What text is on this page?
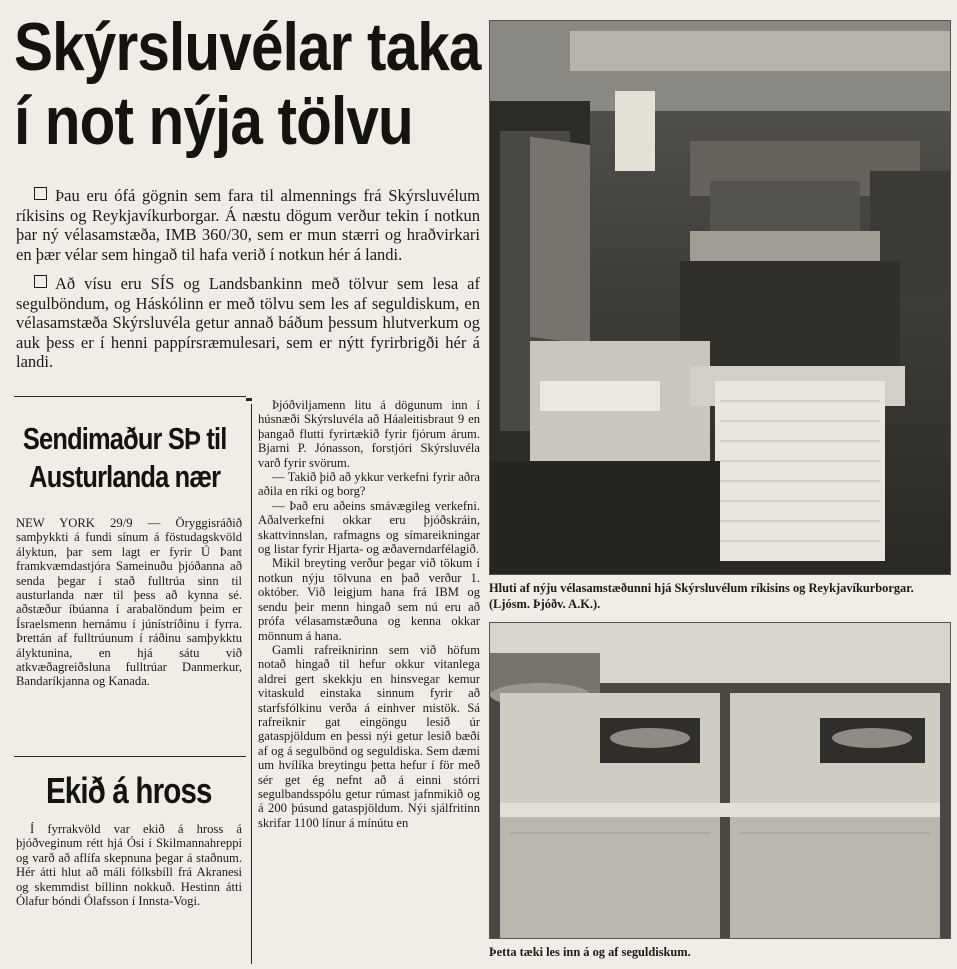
Skýrsluvélar taka í not nýja tölvu

Þau eru ófá gögnin sem fara til almennings frá Skýrsluvélum ríkisins og Reykjavíkurborgar. Á næstu dögum verður tekin í notkun þar ný vélasamstæða, IMB 360/30, sem er mun stærri og hraðvirkari en þær vélar sem hingað til hafa verið í notkun hér á landi.

Að vísu eru SÍS og Landsbankinn með tölvur sem lesa af segulböndum, og Háskólinn er með tölvu sem les af seguldiskum, en vélasamstæða Skýrsluvéla getur annað báðum þessum hlutverkum og auk þess er í henni pappírsræmulesari, sem er nýtt fyrirbrigði hér á landi.

Sendimaður SÞ til Austurlanda nær

NEW YORK 29/9 — Öryggisráðið samþykkti á fundi sínum á föstudagskvöld ályktun, þar sem lagt er fyrir Ú Þant framkvæmdastjóra Sameinuðu þjóðanna að senda þegar í stað fulltrúa sinn til austurlanda nær til þess að kynna sé. aðstæður íbúanna í arabalöndum þeim er Ísraelsmenn hernámu í júnístríðinu í fyrra. Þrettán af fulltrúunum í ráðinu samþykktu ályktunina, en hjá sátu við atkvæðagreiðsluna fulltrúar Danmerkur, Bandaríkjanna og Kanada.

Ekið á hross

Í fyrrakvöld var ekið á hross á þjóðveginum rétt hjá Ósi í Skilmannahreppi og varð að aflífa skepnuna þegar á staðnum. Hér átti hlut að máli fólksbíll frá Akranesi og skemmdist bíllinn nokkuð. Hestinn átti Ólafur bóndi Ólafsson í Innsta-Vogi.

Þjóðviljamenn litu á dögunum inn í húsnæði Skýrsluvéla að Háaleitisbraut 9 en þangað flutti fyrirtækið fyrir fjórum árum. Bjarni P. Jónasson, forstjóri Skýrsluvéla varð fyrir svörum.

— Takið þið að ykkur verkefni fyrir aðra aðila en ríki og borg?

— Það eru aðeins smávægileg verkefni. Aðalverkefni okkar eru þjóðskráin, skattvinnslan, rafmagns og símareikningar og listar fyrir Hjarta- og æðaverndarfélagið.

Mikil breyting verður þegar við tökum í notkun nýju tölvuna en það verður 1. október. Við leigjum hana frá IBM og sendu þeir menn hingað sem nú eru að prófa vélasamstæðuna og kenna okkar mönnum á hana.

Gamli rafreiknirinn sem við höfum notað hingað til hefur okkur vitanlega aldrei gert skekkju en hinsvegar kemur vitaskuld einstaka sinnum fyrir að starfsfólkinu verða á einhver mistök. Sá rafreiknir gat eingöngu lesið úr gataspjöldum en þessi nýi getur lesið bæði af og á segulbönd og seguldiska. Sem dæmi um hvílíka breytingu þetta hefur í för með sér get ég nefnt að á einni stórri segulbandsspólu getur rúmast jafnmikið og á 200 þúsund gataspjöldum. Nýi sjálfritinn skrifar 1100 línur á mínútu en

Hluti af nýju vélasamstæðunni hjá Skýrsluvélum ríkisins og Reykjavíkurborgar. (Ljósm. Þjóðv. A.K.).

Þetta tæki les inn á og af seguldiskum.
